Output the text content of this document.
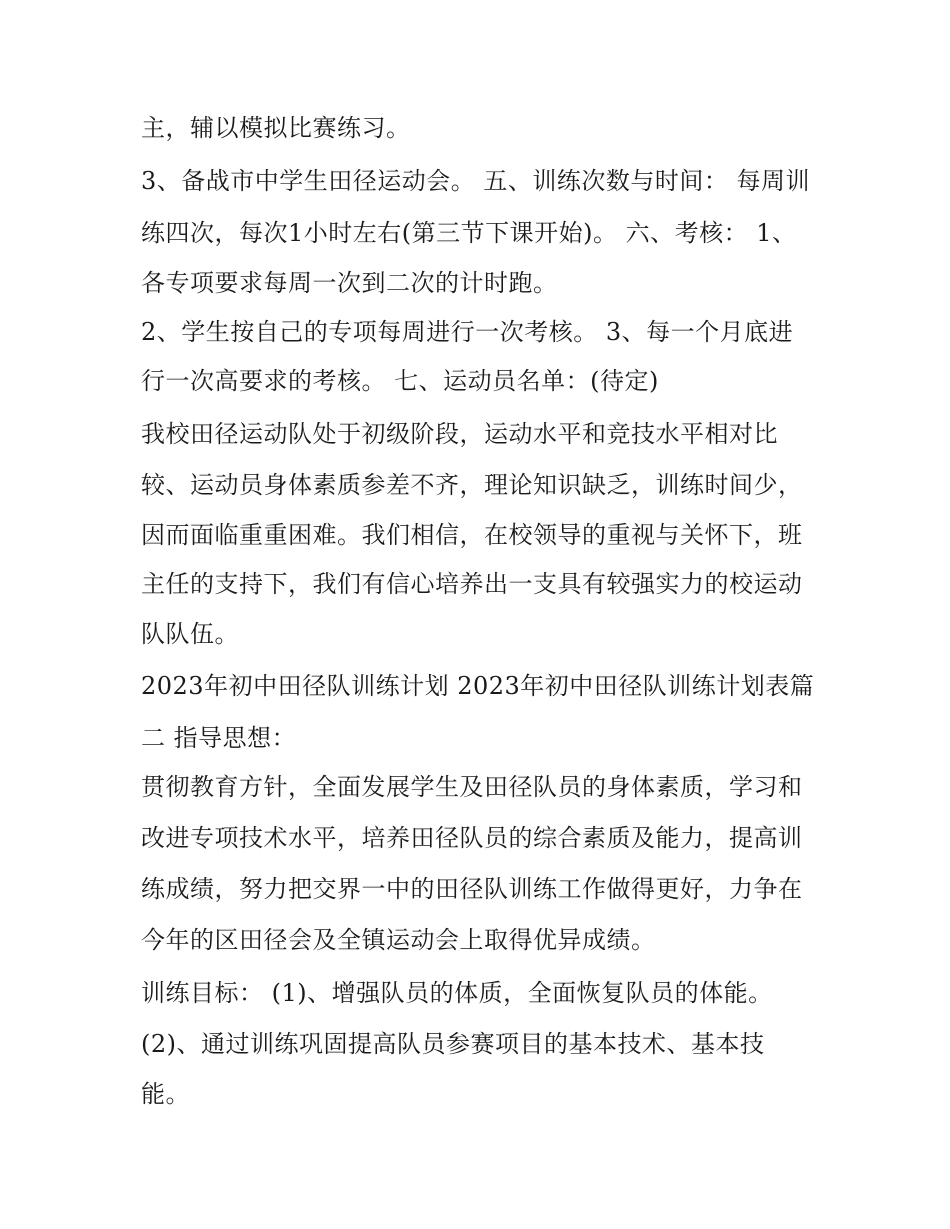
主，辅以模拟比赛练习。
3、备战市中学生田径运动会。 五、训练次数与时间： 每周训
练四次，每次1小时左右(第三节下课开始)。 六、考核： 1、
各专项要求每周一次到二次的计时跑。
2、学生按自己的专项每周进行一次考核。 3、每一个月底进
行一次高要求的考核。 七、运动员名单：(待定)
我校田径运动队处于初级阶段，运动水平和竞技水平相对比
较、运动员身体素质参差不齐，理论知识缺乏，训练时间少，
因而面临重重困难。我们相信，在校领导的重视与关怀下，班
主任的支持下，我们有信心培养出一支具有较强实力的校运动
队队伍。
2023年初中田径队训练计划 2023年初中田径队训练计划表篇
二 指导思想：
贯彻教育方针，全面发展学生及田径队员的身体素质，学习和
改进专项技术水平，培养田径队员的综合素质及能力，提高训
练成绩，努力把交界一中的田径队训练工作做得更好，力争在
今年的区田径会及全镇运动会上取得优异成绩。
训练目标： (1)、增强队员的体质，全面恢复队员的体能。
(2)、通过训练巩固提高队员参赛项目的基本技术、基本技
能。
